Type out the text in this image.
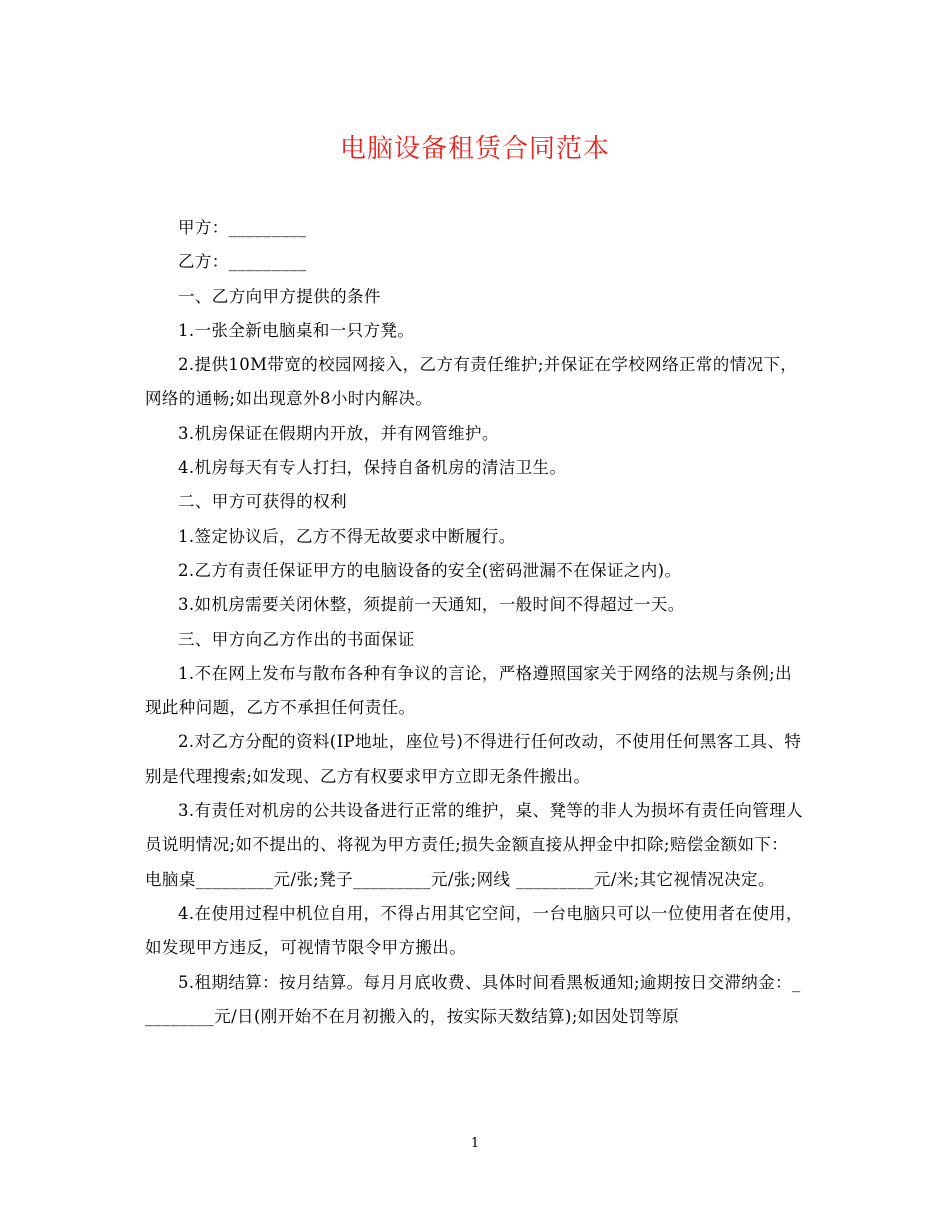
电脑设备租赁合同范本

甲方：_________

乙方：_________

一、乙方向甲方提供的条件

1.一张全新电脑桌和一只方凳。

2.提供10M带宽的校园网接入，乙方有责任维护;并保证在学校网络正常的情况下，网络的通畅;如出现意外8小时内解决。

3.机房保证在假期内开放，并有网管维护。

4.机房每天有专人打扫，保持自备机房的清洁卫生。

二、甲方可获得的权利

1.签定协议后，乙方不得无故要求中断履行。

2.乙方有责任保证甲方的电脑设备的安全(密码泄漏不在保证之内)。

3.如机房需要关闭休整，须提前一天通知，一般时间不得超过一天。

三、甲方向乙方作出的书面保证

1.不在网上发布与散布各种有争议的言论，严格遵照国家关于网络的法规与条例;出现此种问题，乙方不承担任何责任。

2.对乙方分配的资料(IP地址，座位号)不得进行任何改动，不使用任何黑客工具、特别是代理搜索;如发现、乙方有权要求甲方立即无条件搬出。

3.有责任对机房的公共设备进行正常的维护，桌、凳等的非人为损坏有责任向管理人员说明情况;如不提出的、将视为甲方责任;损失金额直接从押金中扣除;赔偿金额如下：电脑桌_________元/张;凳子_________元/张;网线 _________元/米;其它视情况决定。

4.在使用过程中机位自用，不得占用其它空间，一台电脑只可以一位使用者在使用，如发现甲方违反，可视情节限令甲方搬出。

5.租期结算：按月结算。每月月底收费、具体时间看黑板通知;逾期按日交滞纳金：_________元/日(刚开始不在月初搬入的，按实际天数结算);如因处罚等原

1
